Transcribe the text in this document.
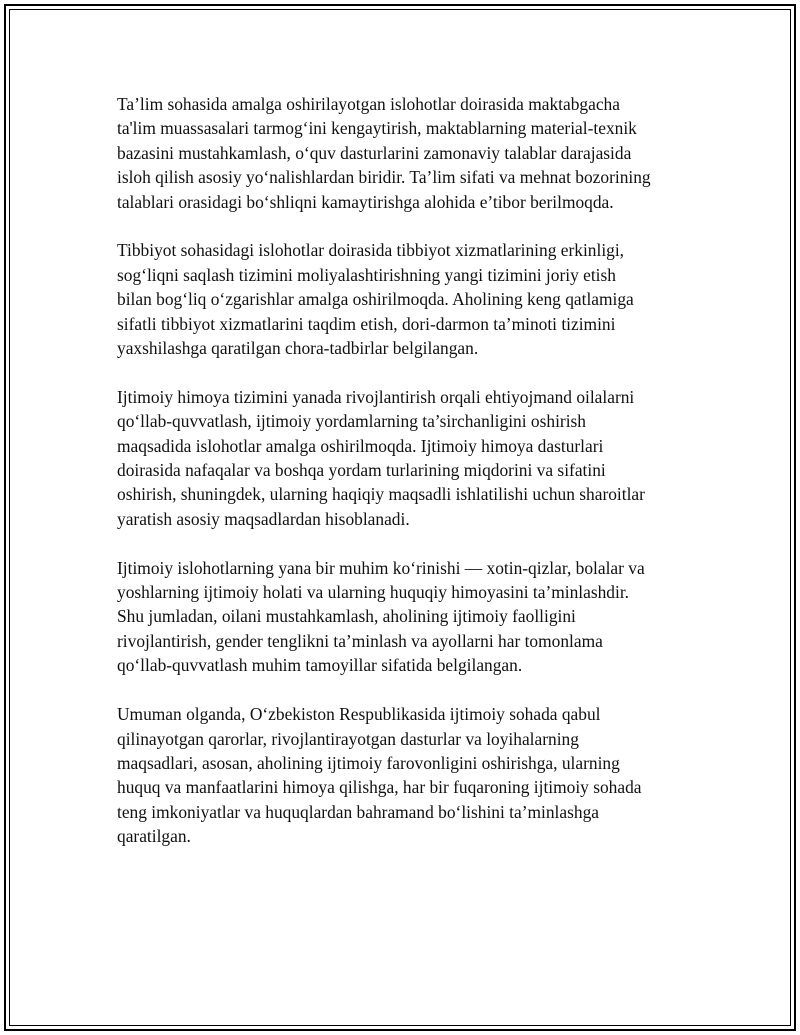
Ta’lim sohasida amalga oshirilayotgan islohotlar doirasida maktabgacha
ta'lim muassasalari tarmog‘ini kengaytirish, maktablarning material-texnik
bazasini mustahkamlash, o‘quv dasturlarini zamonaviy talablar darajasida
isloh qilish asosiy yo‘nalishlardan biridir. Ta’lim sifati va mehnat bozorining
talablari orasidagi bo‘shliqni kamaytirishga alohida e’tibor berilmoqda.

Tibbiyot sohasidagi islohotlar doirasida tibbiyot xizmatlarining erkinligi,
sog‘liqni saqlash tizimini moliyalashtirishning yangi tizimini joriy etish
bilan bog‘liq o‘zgarishlar amalga oshirilmoqda. Aholining keng qatlamiga
sifatli tibbiyot xizmatlarini taqdim etish, dori-darmon ta’minoti tizimini
yaxshilashga qaratilgan chora-tadbirlar belgilangan.

Ijtimoiy himoya tizimini yanada rivojlantirish orqali ehtiyojmand oilalarni
qo‘llab-quvvatlash, ijtimoiy yordamlarning ta’sirchanligini oshirish
maqsadida islohotlar amalga oshirilmoqda. Ijtimoiy himoya dasturlari
doirasida nafaqalar va boshqa yordam turlarining miqdorini va sifatini
oshirish, shuningdek, ularning haqiqiy maqsadli ishlatilishi uchun sharoitlar
yaratish asosiy maqsadlardan hisoblanadi.

Ijtimoiy islohotlarning yana bir muhim ko‘rinishi — xotin-qizlar, bolalar va
yoshlarning ijtimoiy holati va ularning huquqiy himoyasini ta’minlashdir.
Shu jumladan, oilani mustahkamlash, aholining ijtimoiy faolligini
rivojlantirish, gender tenglikni ta’minlash va ayollarni har tomonlama
qo‘llab-quvvatlash muhim tamoyillar sifatida belgilangan.

Umuman olganda, O‘zbekiston Respublikasida ijtimoiy sohada qabul
qilinayotgan qarorlar, rivojlantirayotgan dasturlar va loyihalarning
maqsadlari, asosan, aholining ijtimoiy farovonligini oshirishga, ularning
huquq va manfaatlarini himoya qilishga, har bir fuqaroning ijtimoiy sohada
teng imkoniyatlar va huquqlardan bahramand bo‘lishini ta’minlashga
qaratilgan.
